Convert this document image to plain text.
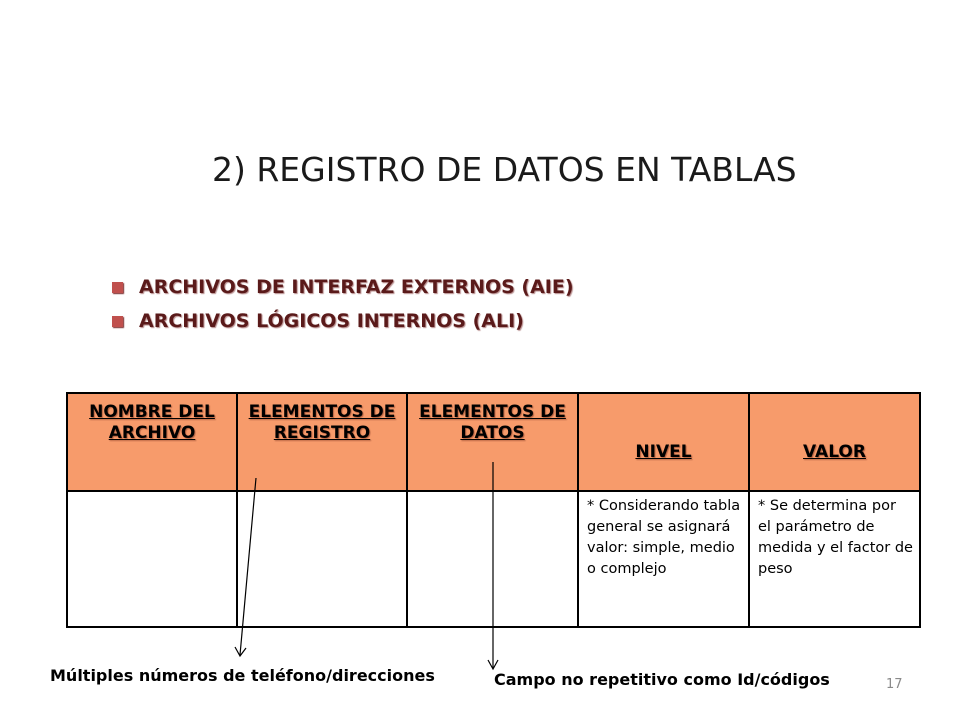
2) REGISTRO DE DATOS EN TABLAS
ARCHIVOS DE INTERFAZ EXTERNOS (AIE)
ARCHIVOS LÓGICOS INTERNOS (ALI)
NOMBRE DEL ARCHIVO	ELEMENTOS DE REGISTRO	ELEMENTOS DE DATOS	NIVEL	VALOR

			* Considerando tabla general se asignará valor: simple, medio o complejo	* Se determina por el parámetro de medida y el factor de peso
Múltiples números de teléfono/direcciones	Campo no repetitivo como Id/códigos	17
